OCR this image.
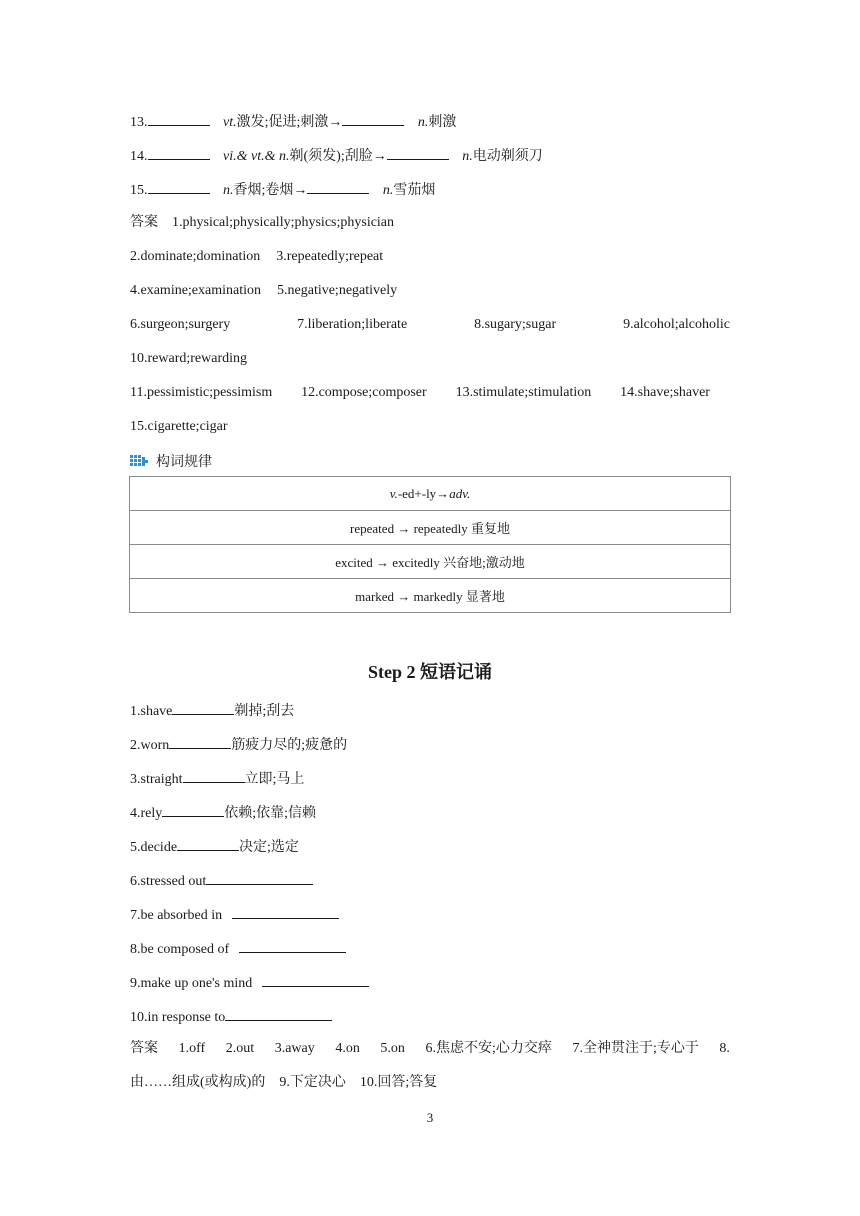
13.	vt.激发;促进;刺激→	n.刺激
14.	vi.& vt.& n.剃(须发);刮脸→	n.电动剃须刀
15.	n.香烟;卷烟→	n.雪茄烟
答案 1.physical;physically;physics;physician
2.dominate;domination 3.repeatedly;repeat
4.examine;examination 5.negative;negatively
6.surgeon;surgery	7.liberation;liberate	8.sugary;sugar	9.alcohol;alcoholic
10.reward;rewarding
11.pessimistic;pessimism 12.compose;composer 13.stimulate;stimulation 14.shave;shaver
15.cigarette;cigar
构词规律
v.-ed+-ly→adv.
repeated → repeatedly 重复地
excited → excitedly 兴奋地;激动地
marked → markedly 显著地
Step 2 短语记诵
1.shave	剃掉;刮去
2.worn	筋疲力尽的;疲惫的
3.straight	立即;马上
4.rely	依赖;依靠;信赖
5.decide	决定;选定
6.stressed out
7.be absorbed in
8.be composed of
9.make up one's mind
10.in response to
答案 1.off 2.out 3.away 4.on 5.on 6.焦虑不安;心力交瘁 7.全神贯注于;专心于 8.
由……组成(或构成)的 9.下定决心 10.回答;答复
3
